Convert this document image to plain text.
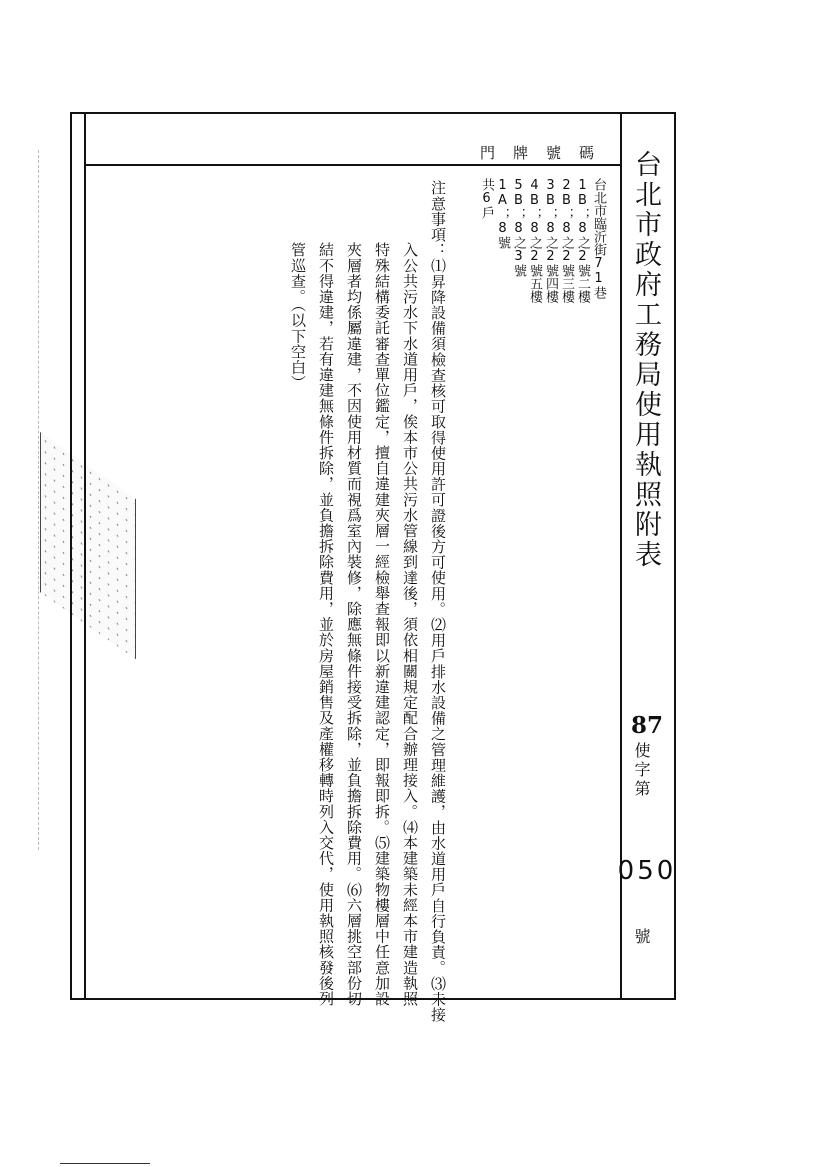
台北市政府工務局使用執照附表
門牌號碼
台北市臨沂街71巷
1B；8之2號二樓
2B；8之2號三樓
3B；8之2號四樓
4B；8之2號五樓
5B；8之3號
1A；8號
共6戶
注意事項：⑴昇降設備須檢查核可取得使用許可證後方可使用。⑵用戶排水設備之管理維護，由水道用戶自行負責。⑶未接
入公共污水下水道用戶，俟本市公共污水管線到達後，須依相關規定配合辦理接入。⑷本建築未經本市建造執照
特殊結構委託審查單位鑑定，擅自違建夾層一經檢舉查報即以新違建認定，即報即拆。⑸建築物樓層中任意加設
夾層者均係屬違建，不因使用材質而視爲室內裝修，除應無條件接受拆除，並負擔拆除費用。⑹六層挑空部份切
結不得違建，若有違建無條件拆除，並負擔拆除費用，並於房屋銷售及產權移轉時列入交代，使用執照核發後列
管巡查。（以下空白）
87
使字第
050
號
